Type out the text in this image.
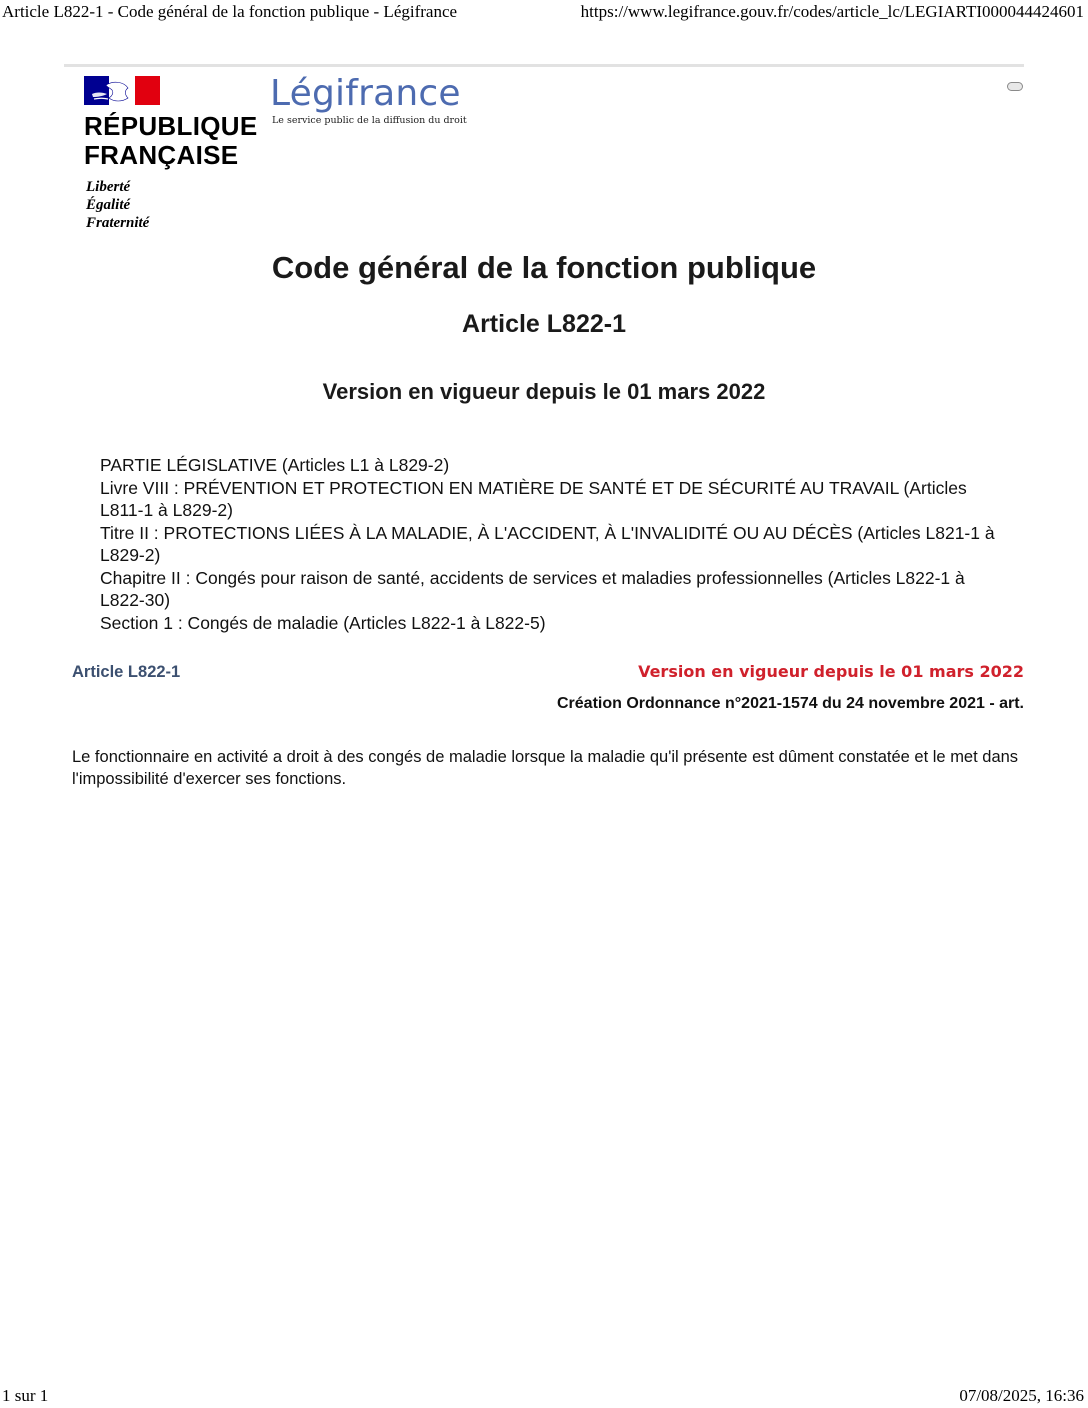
Article L822-1 - Code général de la fonction publique - Légifrance	https://www.legifrance.gouv.fr/codes/article_lc/LEGIARTI000044424601
RÉPUBLIQUE
FRANÇAISE
Liberté
Égalité
Fraternité
Légifrance
Le service public de la diffusion du droit
Code général de la fonction publique
Article L822-1
Version en vigueur depuis le 01 mars 2022
PARTIE LÉGISLATIVE (Articles L1 à L829-2)
Livre VIII : PRÉVENTION ET PROTECTION EN MATIÈRE DE SANTÉ ET DE SÉCURITÉ AU TRAVAIL (Articles L811-1 à L829-2)
Titre II : PROTECTIONS LIÉES À LA MALADIE, À L'ACCIDENT, À L'INVALIDITÉ OU AU DÉCÈS (Articles L821-1 à L829-2)
Chapitre II : Congés pour raison de santé, accidents de services et maladies professionnelles (Articles L822-1 à L822-30)
Section 1 : Congés de maladie (Articles L822-1 à L822-5)
Article L822-1	Version en vigueur depuis le 01 mars 2022
Création Ordonnance n°2021-1574 du 24 novembre 2021 - art.
Le fonctionnaire en activité a droit à des congés de maladie lorsque la maladie qu'il présente est dûment constatée et le met dans l'impossibilité d'exercer ses fonctions.
1 sur 1	07/08/2025, 16:36
